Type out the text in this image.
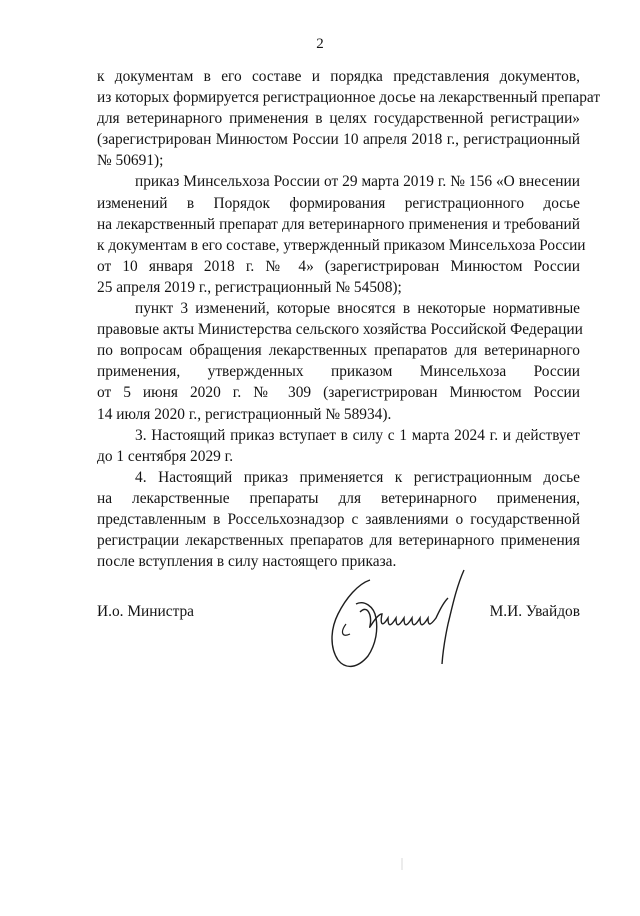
2
к документам в его составе и порядка представления документов,
из которых формируется регистрационное досье на лекарственный препарат
для ветеринарного применения в целях государственной регистрации»
(зарегистрирован Минюстом России 10 апреля 2018 г., регистрационный
№ 50691);
приказ Минсельхоза России от 29 марта 2019 г. № 156 «О внесении
изменений в Порядок формирования регистрационного досье
на лекарственный препарат для ветеринарного применения и требований
к документам в его составе, утвержденный приказом Минсельхоза России
от 10 января 2018 г. № 4» (зарегистрирован Минюстом России
25 апреля 2019 г., регистрационный № 54508);
пункт 3 изменений, которые вносятся в некоторые нормативные
правовые акты Министерства сельского хозяйства Российской Федерации
по вопросам обращения лекарственных препаратов для ветеринарного
применения, утвержденных приказом Минсельхоза России
от 5 июня 2020 г. № 309 (зарегистрирован Минюстом России
14 июля 2020 г., регистрационный № 58934).
3. Настоящий приказ вступает в силу с 1 марта 2024 г. и действует
до 1 сентября 2029 г.
4. Настоящий приказ применяется к регистрационным досье
на лекарственные препараты для ветеринарного применения,
представленным в Россельхознадзор с заявлениями о государственной
регистрации лекарственных препаратов для ветеринарного применения
после вступления в силу настоящего приказа.
И.о. Министра	М.И. Увайдов
